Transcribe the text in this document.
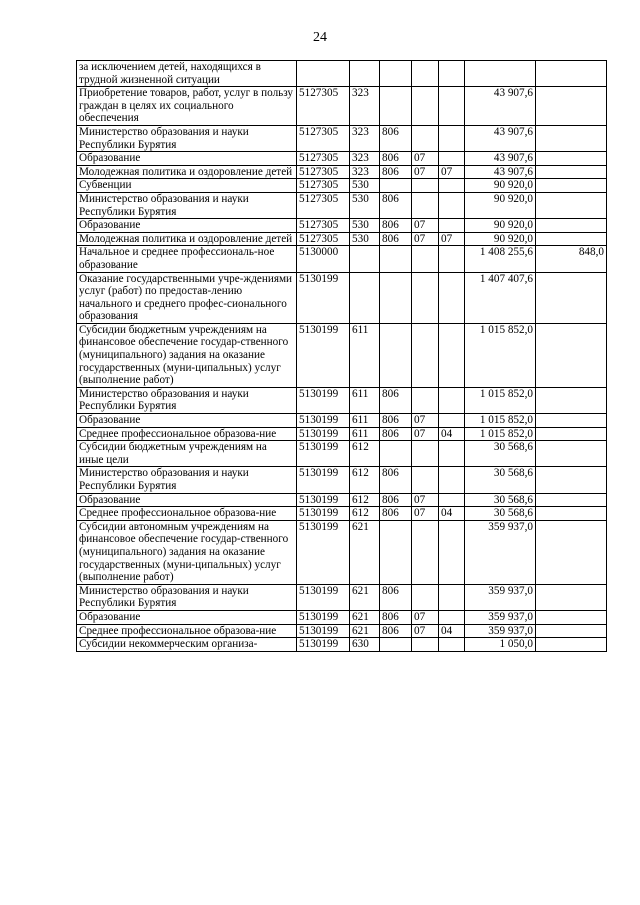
24
за исключением детей, находящихся в трудной жизненной ситуации							
Приобретение товаров, работ, услуг в пользу граждан в целях их социального обеспечения	5127305	323				43 907,6	
Министерство образования и науки Республики Бурятия	5127305	323	806			43 907,6	
Образование	5127305	323	806	07		43 907,6	
Молодежная политика и оздоровление детей	5127305	323	806	07	07	43 907,6	
Субвенции	5127305	530				90 920,0	
Министерство образования и науки Республики Бурятия	5127305	530	806			90 920,0	
Образование	5127305	530	806	07		90 920,0	
Молодежная политика и оздоровление детей	5127305	530	806	07	07	90 920,0	
Начальное и среднее профессиональ-ное образование	5130000					1 408 255,6	848,0
Оказание государственными учре-ждениями услуг (работ) по предостав-лению начального и среднего профес-сионального образования	5130199					1 407 407,6	
Субсидии бюджетным учреждениям на финансовое обеспечение государ-ственного (муниципального) задания на оказание государственных (муни-ципальных) услуг (выполнение работ)	5130199	611				1 015 852,0	
Министерство образования и науки Республики Бурятия	5130199	611	806			1 015 852,0	
Образование	5130199	611	806	07		1 015 852,0	
Среднее профессиональное образова-ние	5130199	611	806	07	04	1 015 852,0	
Субсидии бюджетным учреждениям на иные цели	5130199	612				30 568,6	
Министерство образования и науки Республики Бурятия	5130199	612	806			30 568,6	
Образование	5130199	612	806	07		30 568,6	
Среднее профессиональное образова-ние	5130199	612	806	07	04	30 568,6	
Субсидии автономным учреждениям на финансовое обеспечение государ-ственного (муниципального) задания на оказание государственных (муни-ципальных) услуг (выполнение работ)	5130199	621				359 937,0	
Министерство образования и науки Республики Бурятия	5130199	621	806			359 937,0	
Образование	5130199	621	806	07		359 937,0	
Среднее профессиональное образова-ние	5130199	621	806	07	04	359 937,0	
Субсидии некоммерческим организа-	5130199	630				1 050,0	
